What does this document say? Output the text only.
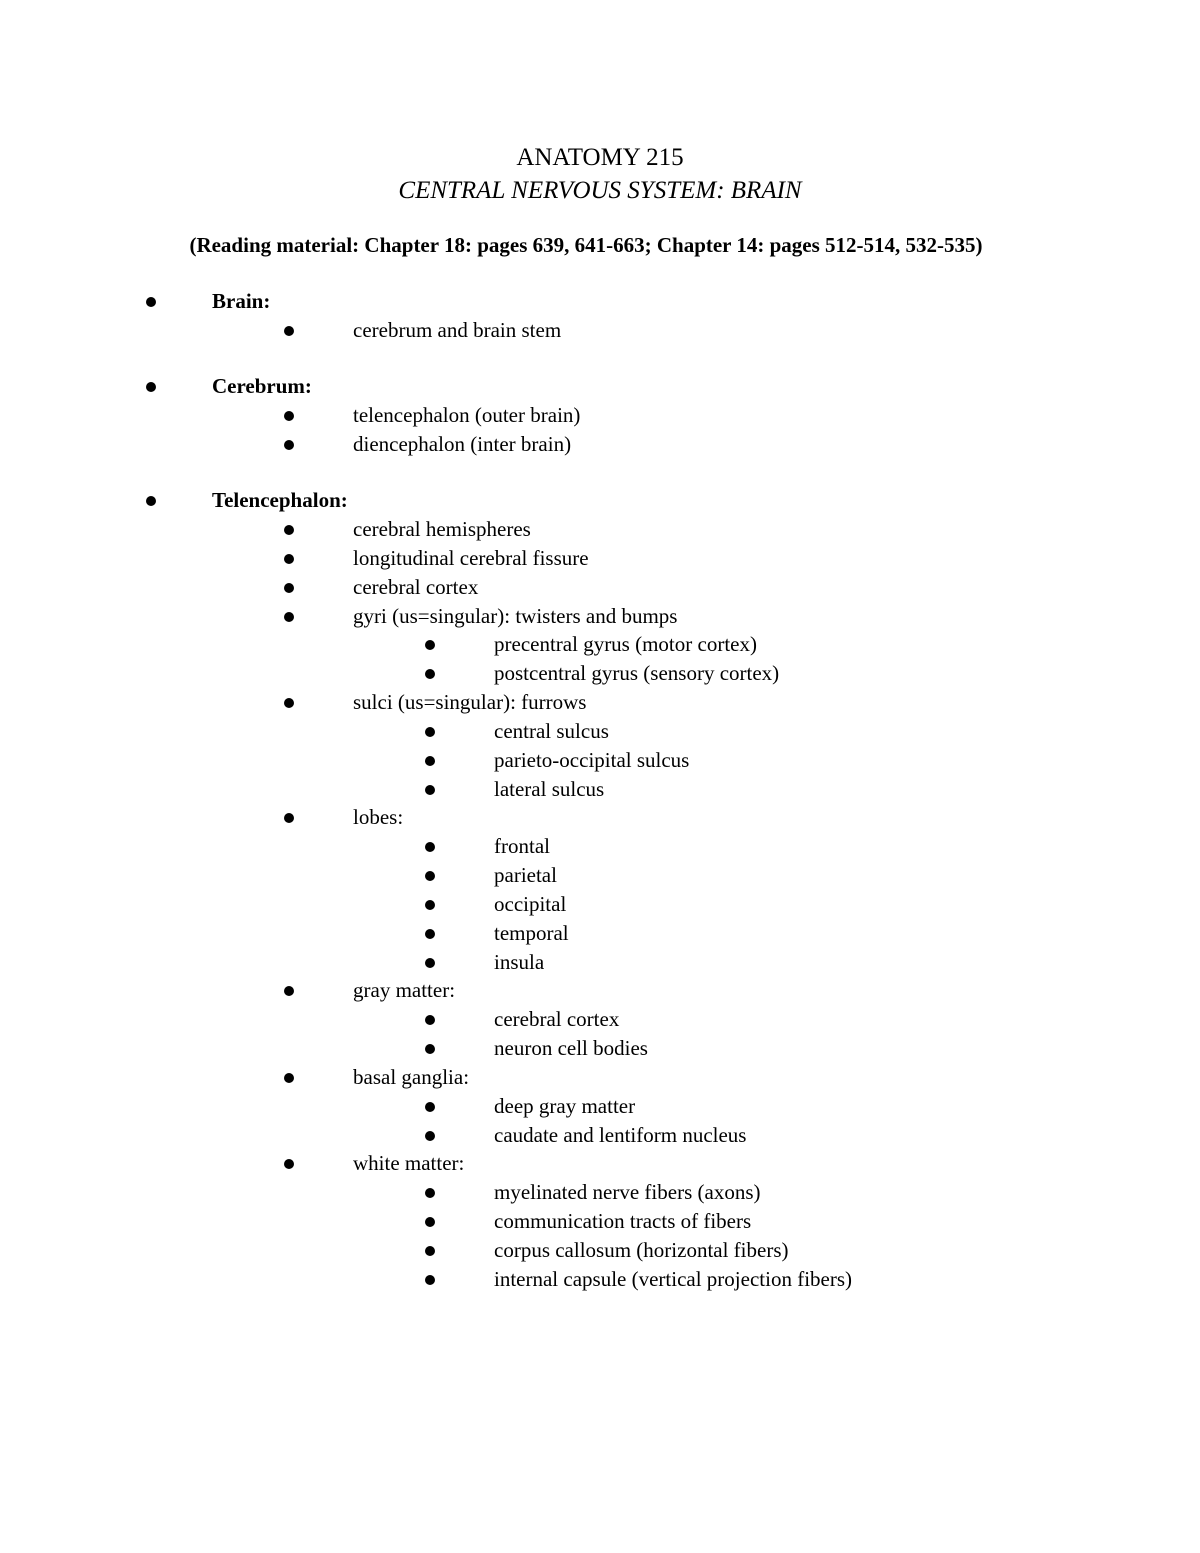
ANATOMY 215
CENTRAL NERVOUS SYSTEM: BRAIN
(Reading material: Chapter 18: pages 639, 641-663; Chapter 14: pages 512-514, 532-535)
Brain:
cerebrum and brain stem
Cerebrum:
telencephalon (outer brain)
diencephalon (inter brain)
Telencephalon:
cerebral hemispheres
longitudinal cerebral fissure
cerebral cortex
gyri (us=singular): twisters and bumps
precentral gyrus (motor cortex)
postcentral gyrus (sensory cortex)
sulci (us=singular): furrows
central sulcus
parieto-occipital sulcus
lateral sulcus
lobes:
frontal
parietal
occipital
temporal
insula
gray matter:
cerebral cortex
neuron cell bodies
basal ganglia:
deep gray matter
caudate and lentiform nucleus
white matter:
myelinated nerve fibers (axons)
communication tracts of fibers
corpus callosum (horizontal fibers)
internal capsule (vertical projection fibers)
